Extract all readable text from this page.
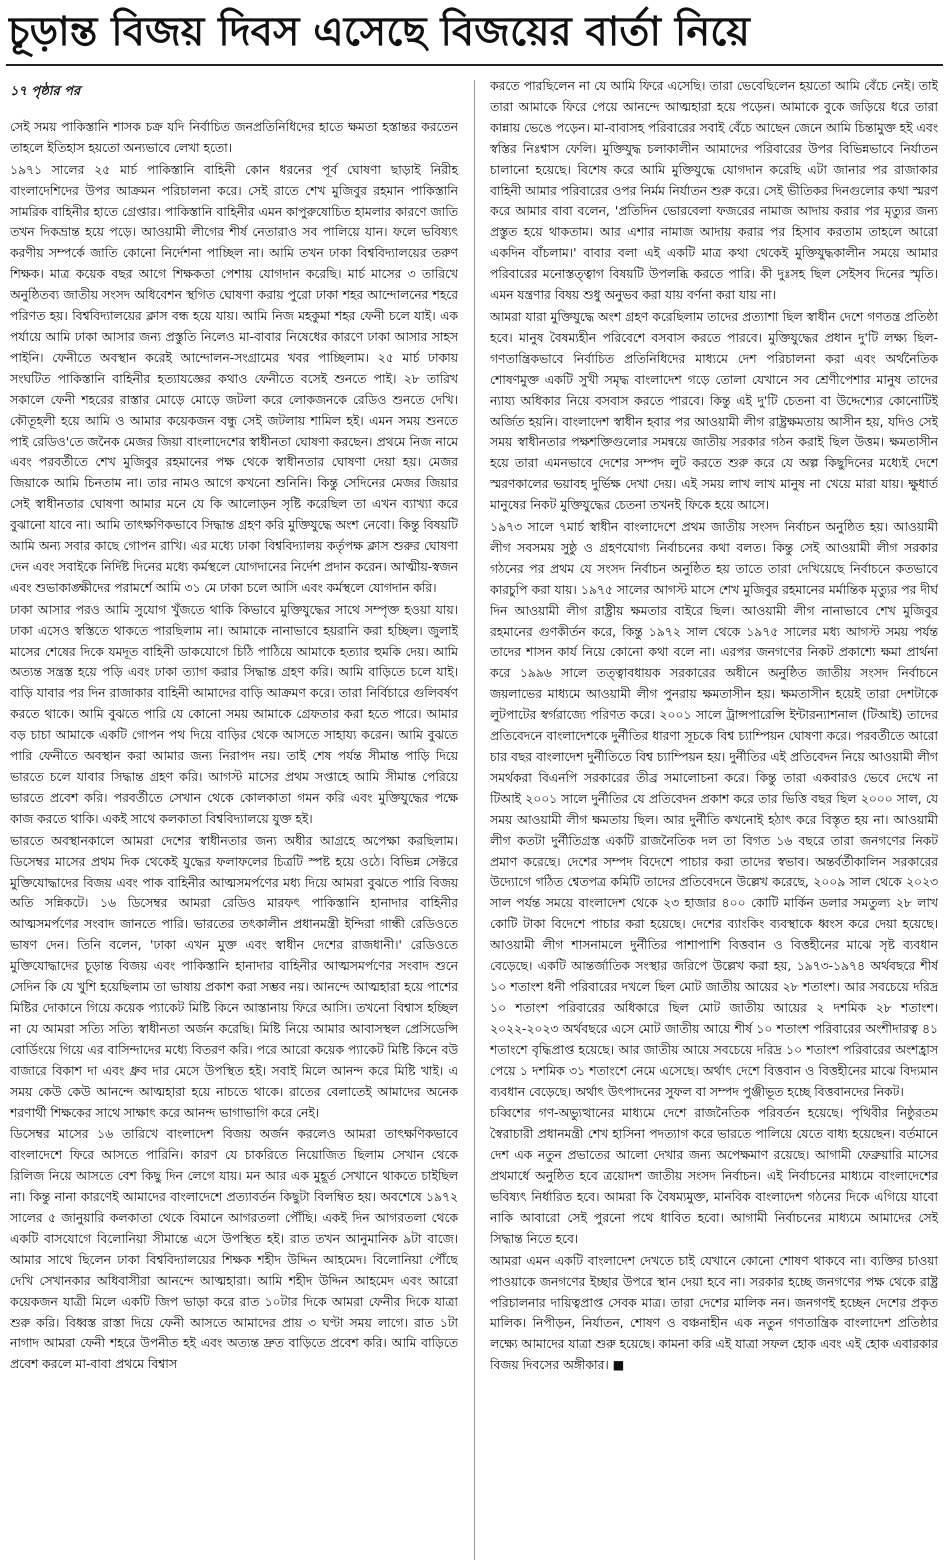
চূড়ান্ত বিজয় দিবস এসেছে বিজয়ের বার্তা নিয়ে
১৭ পৃষ্ঠার পর

সেই সময় পাকিস্তানি শাসক চক্র যদি নির্বাচিত জনপ্রতিনিধিদের হাতে ক্ষমতা হস্তান্তর করতেন তাহলে ইতিহাস হয়তো অন্যভাবে লেখা হতো।

১৯৭১ সালের ২৫ মার্চ পাকিস্তানি বাহিনী কোন ধরনের পূর্ব ঘোষণা ছাড়াই নিরীহ বাংলাদেশিদের উপর আক্রমন পরিচালনা করে। সেই রাতে শেখ মুজিবুর রহমান পাকিস্তানি সামরিক বাহিনীর হাতে গ্রেপ্তার। পাকিস্তানি বাহিনীর এমন কাপুরুষোচিত হামলার কারণে জাতি তখন দিকভ্রান্ত হয়ে পড়ে। আওয়ামী লীগের শীর্ষ নেতারাও সব পালিয়ে যান। ফলে ভবিষ্যৎ করণীয় সম্পর্কে জাতি কোনো নির্দেশনা পাচ্ছিল না। আমি তখন ঢাকা বিশ্ববিদ্যালয়ের তরুণ শিক্ষক। মাত্র কয়েক বছর আগে শিক্ষকতা পেশায় যোগদান করেছি। মার্চ মাসের ৩ তারিখে অনুষ্ঠিতব্য জাতীয় সংসদ অধিবেশন স্থগিত ঘোষণা করায় পুরো ঢাকা শহর আন্দোলনের শহরে পরিণত হয়। বিশ্ববিদ্যালয়ের ক্লাস বন্ধ হয়ে যায়। আমি নিজ মহকুমা শহর ফেনী চলে যাই। এক পর্যায়ে আমি ঢাকা আসার জন্য প্রস্তুতি নিলেও মা-বাবার নিষেধের কারণে ঢাকা আসার সাহস পাইনি। ফেনীতে অবস্থান করেই আন্দোলন-সংগ্রামের খবর পাচ্ছিলাম। ২৫ মার্চ ঢাকায় সংঘটিত পাকিস্তানি বাহিনীর হত্যাযজ্ঞের কথাও ফেনীতে বসেই শুনতে পাই। ২৮ তারিখ সকালে ফেনী শহরের রাস্তার মোড়ে মোড়ে জটলা করে লোকজনকে রেডিও শুনতে দেখি। কৌতূহলী হয়ে আমি ও আমার কয়েকজন বন্ধু সেই জটলায় শামিল হই। এমন সময় শুনতে পাই রেডিও'তে জনৈক মেজর জিয়া বাংলাদেশের স্বাধীনতা ঘোষণা করছেন। প্রথমে নিজ নামে এবং পরবর্তীতে শেখ মুজিবুর রহমানের পক্ষ থেকে স্বাধীনতার ঘোষণা দেয়া হয়। মেজর জিয়াকে আমি চিনতাম না। তার নামও আগে কখনো শুনিনি। কিন্তু সেদিনের মেজর জিয়ার সেই স্বাধীনতার ঘোষণা আমার মনে যে কি আলোড়ন সৃষ্টি করেছিল তা এখন ব্যাখ্যা করে বুঝানো যাবে না। আমি তাৎক্ষণিকভাবে সিদ্ধান্ত গ্রহণ করি মুক্তিযুদ্ধে অংশ নেবো। কিন্তু বিষয়টি আমি অন্য সবার কাছে গোপন রাখি। এর মধ্যে ঢাকা বিশ্ববিদ্যালয় কর্তৃপক্ষ ক্লাস শুরুর ঘোষণা দেন এবং সবাইকে নির্দিষ্ট দিনের মধ্যে কর্মস্থলে যোগদানের নির্দেশ প্রদান করেন। আত্মীয়-স্বজন এবং শুভাকাঙ্ক্ষীদের পরামর্শে আমি ৩১ মে ঢাকা চলে আসি এবং কর্মস্থলে যোগদান করি।

ঢাকা আসার পরও আমি সুযোগ খুঁজতে থাকি কিভাবে মুক্তিযুদ্ধের সাথে সম্পৃক্ত হওয়া যায়। ঢাকা এসেও স্বস্তিতে থাকতে পারছিলাম না। আমাকে নানাভাবে হয়রানি করা হচ্ছিল। জুলাই মাসের শেষের দিকে যমদূত বাহিনী ডাকযোগে চিঠি পাঠিয়ে আমাকে হত্যার হুমকি দেয়। আমি অত্যন্ত সন্ত্রস্ত হয়ে পড়ি এবং ঢাকা ত্যাগ করার সিদ্ধান্ত গ্রহণ করি। আমি বাড়িতে চলে যাই। বাড়ি যাবার পর দিন রাজাকার বাহিনী আমাদের বাড়ি আক্রমণ করে। তারা নির্বিচারে গুলিবর্ষণ করতে থাকে। আমি বুঝতে পারি যে কোনো সময় আমাকে গ্রেফতার করা হতে পারে। আমার বড় চাচা আমাকে একটি গোপন পথ দিয়ে বাড়ির থেকে আসতে সাহায্য করেন। আমি বুঝতে পারি ফেনীতে অবস্থান করা আমার জন্য নিরাপদ নয়। তাই শেষ পর্যন্ত সীমান্ত পাড়ি দিয়ে ভারতে চলে যাবার সিদ্ধান্ত গ্রহণ করি। আগস্ট মাসের প্রথম সপ্তাহে আমি সীমান্ত পেরিয়ে ভারতে প্রবেশ করি। পরবর্তীতে সেখান থেকে কোলকাতা গমন করি এবং মুক্তিযুদ্ধের পক্ষে কাজ করতে থাকি। একই সাথে কলকাতা বিশ্ববিদ্যালয়ে যুক্ত হই।

ভারতে অবস্থানকালে আমরা দেশের স্বাধীনতার জন্য অধীর আগ্রহে অপেক্ষা করছিলাম। ডিসেম্বর মাসের প্রথম দিক থেকেই যুদ্ধের ফলাফলের চিত্রটি স্পষ্ট হয়ে ওঠে। বিভিন্ন সেক্টরে মুক্তিযোদ্ধাদের বিজয় এবং পাক বাহিনীর আত্মসমর্পণের মধ্য দিয়ে আমরা বুঝতে পারি বিজয় অতি সন্নিকটে। ১৬ ডিসেম্বর আমরা রেডিও মারফৎ পাকিস্তানি হানাদার বাহিনীর আত্মসমর্পণের সংবাদ জানতে পারি। ভারতের তৎকালীন প্রধানমন্ত্রী ইন্দিরা গান্ধী রেডিওতে ভাষণ দেন। তিনি বলেন, 'ঢাকা এখন মুক্ত এবং স্বাধীন দেশের রাজধানী।' রেডিওতে মুক্তিযোদ্ধাদের চূড়ান্ত বিজয় এবং পাকিস্তানি হানাদার বাহিনীর আত্মসমর্পণের সংবাদ শুনে সেদিন কি যে খুশি হয়েছিলাম তা ভাষায় প্রকাশ করা সম্ভব নয়। আনন্দে আত্মহারা হয়ে পাশের মিষ্টির দোকানে গিয়ে কয়েক প্যাকেট মিষ্টি কিনে আস্তানায় ফিরে আসি। তখনো বিশ্বাস হচ্ছিল না যে আমরা সত্যি সত্যি স্বাধীনতা অর্জন করেছি। মিষ্টি নিয়ে আমার আবাসস্থল প্রেসিডেন্সি বোর্ডিংয়ে গিয়ে এর বাসিন্দাদের মধ্যে বিতরণ করি। পরে আরো কয়েক প্যাকেট মিষ্টি কিনে বউ বাজারে বিকাশ দা এবং ধ্রুব দার মেসে উপস্থিত হই। সবাই মিলে আনন্দ করে মিষ্টি খাই। এ সময় কেউ কেউ আনন্দে আত্মহারা হয়ে নাচতে থাকে। রাতের বেলাতেই আমাদের অনেক শরণার্থী শিক্ষকের সাথে সাক্ষাৎ করে আনন্দ ভাগাভাগি করে নেই।

ডিসেম্বর মাসের ১৬ তারিখে বাংলাদেশ বিজয় অর্জন করলেও আমরা তাৎক্ষণিকভাবে বাংলাদেশে ফিরে আসতে পারিনি। কারণ যে চাকরিতে নিয়োজিত ছিলাম সেখান থেকে রিলিজ নিয়ে আসতে বেশ কিছু দিন লেগে যায়। মন আর এক মুহূর্ত সেখানে থাকতে চাইছিল না। কিন্তু নানা কারণেই আমাদের বাংলাদেশে প্রত্যাবর্তন কিছুটা বিলম্বিত হয়। অবশেষে ১৯৭২ সালের ৫ জানুয়ারি কলকাতা থেকে বিমানে আগরতলা পৌঁছি। একই দিন আগরতলা থেকে একটি বাসযোগে বিলোনিয়া সীমান্তে এসে উপস্থিত হই। রাত তখন আনুমানিক ৯টা বাজে। আমার সাথে ছিলেন ঢাকা বিশ্ববিদ্যালয়ের শিক্ষক শহীদ উদ্দিন আহমেদ। বিলোনিয়া পৌঁছে দেখি সেখানকার অধিবাসীরা আনন্দে আত্মহারা। আমি শহীদ উদ্দিন আহমেদ এবং আরো কয়েকজন যাত্রী মিলে একটি জিপ ভাড়া করে রাত ১০টার দিকে আমরা ফেনীর দিকে যাত্রা শুরু করি। বিধ্বস্ত রাস্তা দিয়ে ফেনী আসতে আমাদের প্রায় ৩ ঘণ্টা সময় লাগে। রাত ১টা নাগাদ আমরা ফেনী শহরে উপনীত হই এবং অত্যন্ত দ্রুত বাড়িতে প্রবেশ করি। আমি বাড়িতে প্রবেশ করলে মা-বাবা প্রথমে বিশ্বাস

করতে পারছিলেন না যে আমি ফিরে এসেছি। তারা ভেবেছিলেন হয়তো আমি বেঁচে নেই। তাই তারা আমাকে ফিরে পেয়ে আনন্দে আত্মহারা হয়ে পড়েন। আমাকে বুকে জড়িয়ে ধরে তারা কান্নায় ভেঙে পড়েন। মা-বাবাসহ পরিবারের সবাই বেঁচে আছেন জেনে আমি চিন্তামুক্ত হই এবং স্বস্তির নিঃশ্বাস ফেলি। মুক্তিযুদ্ধ চলাকালীন আমাদের পরিবারের উপর বিভিন্নভাবে নির্যাতন চালানো হয়েছে। বিশেষ করে আমি মুক্তিযুদ্ধে যোগদান করেছি এটা জানার পর রাজাকার বাহিনী আমার পরিবারের ওপর নির্মম নির্যাতন শুরু করে। সেই ভীতিকর দিনগুলোর কথা স্মরণ করে আমার বাবা বলেন, 'প্রতিদিন ভোরবেলা ফজরের নামাজ আদায় করার পর মৃত্যুর জন্য প্রস্তুত হয়ে থাকতাম। আর এশার নামাজ আদায় করার পর হিসাব করতাম তাহলে আরো একদিন বাঁচলাম।' বাবার বলা এই একটি মাত্র কথা থেকেই মুক্তিযুদ্ধকালীন সময়ে আমার পরিবারের মনোস্তত্ত্বাগ বিষয়টি উপলব্ধি করতে পারি। কী দুঃসহ ছিল সেইসব দিনের স্মৃতি। এমন যন্ত্রণার বিষয় শুধু অনুভব করা যায় বর্ণনা করা যায় না।

আমরা যারা মুক্তিযুদ্ধে অংশ গ্রহণ করেছিলাম তাদের প্রত্যাশা ছিল স্বাধীন দেশে গণতন্ত্র প্রতিষ্ঠা হবে। মানুষ বৈষম্যহীন পরিবেশে বসবাস করতে পারবে। মুক্তিযুদ্ধের প্রধান দু'টি লক্ষ্য ছিল- গণতান্ত্রিকভাবে নির্বাচিত প্রতিনিধিদের মাধ্যমে দেশ পরিচালনা করা এবং অর্থনৈতিক শোষণমুক্ত একটি সুখী সমৃদ্ধ বাংলাদেশ গড়ে তোলা যেখানে সব শ্রেণীপেশার মানুষ তাদের ন্যায্য অধিকার নিয়ে বসবাস করতে পারবে। কিন্তু এই দু'টি চেতনা বা উদ্দেশ্যের কোনোটিই অর্জিত হয়নি। বাংলাদেশ স্বাধীন হবার পর আওয়ামী লীগ রাষ্ট্রক্ষমতায় আসীন হয়, যদিও সেই সময় স্বাধীনতার পক্ষশক্তিগুলোর সমন্বয়ে জাতীয় সরকার গঠন করাই ছিল উত্তম। ক্ষমতাসীন হয়ে তারা এমনভাবে দেশের সম্পদ লুট করতে শুরু করে যে অল্প কিছুদিনের মধ্যেই দেশে স্মরণকালের ভয়াবহ দুর্ভিক্ষ দেখা দেয়। এই সময় লাখ লাখ মানুষ না খেয়ে মারা যায়। ক্ষুধার্ত মানুষের নিকট মুক্তিযুদ্ধের চেতনা তখনই ফিকে হয়ে আসে।

১৯৭৩ সালে ৭মার্চ স্বাধীন বাংলাদেশে প্রথম জাতীয় সংসদ নির্বাচন অনুষ্ঠিত হয়। আওয়ামী লীগ সবসময় সুষ্ঠু ও গ্রহণযোগ্য নির্বাচনের কথা বলত। কিন্তু সেই আওয়ামী লীগ সরকার গঠনের পর প্রথম যে সংসদ নির্বাচন অনুষ্ঠিত হয় তাতে তারা দেখিয়েছে নির্বাচনে কতভাবে কারচুপি করা যায়। ১৯৭৫ সালের আগস্ট মাসে শেখ মুজিবুর রহমানের মর্মান্তিক মৃত্যুর পর দীর্ঘ দিন আওয়ামী লীগ রাষ্ট্রীয় ক্ষমতার বাইরে ছিল। আওয়ামী লীগ নানাভাবে শেখ মুজিবুর রহমানের গুণকীর্তন করে, কিন্তু ১৯৭২ সাল থেকে ১৯৭৫ সালের মধ্য আগস্ট সময় পর্যন্ত তাদের শাসন কার্য নিয়ে কোনো কথা বলে না। এরপর জনগণের নিকট প্রকাশ্যে ক্ষমা প্রার্থনা করে ১৯৯৬ সালে তত্ত্বাবধায়ক সরকারের অধীনে অনুষ্ঠিত জাতীয় সংসদ নির্বাচনে জয়লাভের মাধ্যমে আওয়ামী লীগ পুনরায় ক্ষমতাসীন হয়। ক্ষমতাসীন হয়েই তারা দেশটাকে লুটপাটের স্বর্গরাজ্যে পরিণত করে। ২০০১ সালে ট্রান্সপারেন্সি ইন্টারন্যাশনাল (টিআই) তাদের প্রতিবেদনে বাংলাদেশকে দুর্নীতির ধারণা সূচকে বিশ্ব চ্যাম্পিয়ন ঘোষণা করে। পরবর্তীতে আরো চার বছর বাংলাদেশ দুর্নীতিতে বিশ্ব চ্যাম্পিয়ন হয়। দুর্নীতির এই প্রতিবেদন নিয়ে আওয়ামী লীগ সমর্থকরা বিএনপি সরকারের তীব্র সমালোচনা করে। কিন্তু তারা একবারও ভেবে দেখে না টিআই ২০০১ সালে দুর্নীতির যে প্রতিবেদন প্রকাশ করে তার ভিত্তি বছর ছিল ২০০০ সাল, যে সময় আওয়ামী লীগ ক্ষমতায় ছিল। আর দুর্নীতি কখনোই হঠাৎ করে বিস্তৃত হয় না। আওয়ামী লীগ কতটা দুর্নীতিগ্রস্ত একটি রাজনৈতিক দল তা বিগত ১৬ বছরে তারা জনগণের নিকট প্রমাণ করেছে। দেশের সম্পদ বিদেশে পাচার করা তাদের স্বভাব। অন্তর্বর্তীকালিন সরকারের উদ্যোগে গঠিত শ্বেতপত্র কমিটি তাদের প্রতিবেদনে উল্লেখ করেছে, ২০০৯ সাল থেকে ২০২৩ সাল পর্যন্ত সময়ে বাংলাদেশ থেকে ২৩ হাজার ৪০০ কোটি মার্কিন ডলার সমতুল্য ২৮ লাখ কোটি টাকা বিদেশে পাচার করা হয়েছে। দেশের ব্যাংকিং ব্যবস্থাকে ধ্বংস করে দেয়া হয়েছে। আওয়ামী লীগ শাসনামলে দুর্নীতির পাশাপাশি বিত্তবান ও বিত্তহীনের মাঝে সৃষ্ট ব্যবধান বেড়েছে। একটি আন্তর্জাতিক সংস্থার জরিপে উল্লেখ করা হয়, ১৯৭৩-১৯৭৪ অর্থবছরে শীর্ষ ১০ শতাংশ ধনী পরিবারের দখলে ছিল মোট জাতীয় আয়ের ২৮ শতাংশ। আর সবচেয়ে দরিদ্র ১০ শতাংশ পরিবারের অধিকারে ছিল মোট জাতীয় আয়ের ২ দশমিক ২৮ শতাংশ। ২০২২-২০২৩ অর্থবছরে এসে মোট জাতীয় আয়ে শীর্ষ ১০ শতাংশ পরিবারের অংশীদারত্ব ৪১ শতাংশে বৃদ্ধিপ্রাপ্ত হয়েছে। আর জাতীয় আয়ে সবচেয়ে দরিদ্র ১০ শতাংশ পরিবারের অংশহ্রাস পেয়ে ১ দশমিক ৩১ শতাংশে নেমে এসেছে। অর্থাৎ দেশে বিত্তবান ও বিত্তহীনের মাঝে বিদ্যমান ব্যবধান বেড়েছে। অর্থাৎ উৎপাদনের সুফল বা সম্পদ পুঞ্জীভূত হচ্ছে বিত্তবানদের নিকট।

চব্বিশের গণ-অভ্যুত্থানের মাধ্যমে দেশে রাজনৈতিক পরিবর্তন হয়েছে। পৃথিবীর নিষ্ঠুরতম স্বৈরাচারী প্রধানমন্ত্রী শেখ হাসিনা পদত্যাগ করে ভারতে পালিয়ে যেতে বাধ্য হয়েছেন। বর্তমানে দেশ এক নতুন প্রভাতের আলো দেখার জন্য অপেক্ষমাণ রয়েছে। আগামী ফেব্রুয়ারি মাসের প্রথমার্ধে অনুষ্ঠিত হবে ত্রয়োদশ জাতীয় সংসদ নির্বাচন। এই নির্বাচনের মাধ্যমে বাংলাদেশের ভবিষ্যৎ নির্ধারিত হবে। আমরা কি বৈষম্যমুক্ত, মানবিক বাংলাদেশ গঠনের দিকে এগিয়ে যাবো নাকি আবারো সেই পুরনো পথে ধাবিত হবো। আগামী নির্বাচনের মাধ্যমে আমাদের সেই সিদ্ধান্ত নিতে হবে।

আমরা এমন একটি বাংলাদেশ দেখতে চাই যেখানে কোনো শোষণ থাকবে না। ব্যক্তির চাওয়া পাওয়াকে জনগণের ইচ্ছার উপরে স্থান দেয়া হবে না। সরকার হচ্ছে জনগণের পক্ষ থেকে রাষ্ট্র পরিচালনার দায়িত্বপ্রাপ্ত সেবক মাত্র। তারা দেশের মালিক নন। জনগণই হচ্ছেন দেশের প্রকৃত মালিক। নিপীড়ন, নির্যাতন, শোষণ ও বঞ্চনাহীন এক নতুন গণতান্ত্রিক বাংলাদেশ প্রতিষ্ঠার লক্ষ্যে আমাদের যাত্রা শুরু হয়েছে। কামনা করি এই যাত্রা সফল হোক এবং এই হোক এবারকার বিজয় দিবসের অঙ্গীকার। ■
